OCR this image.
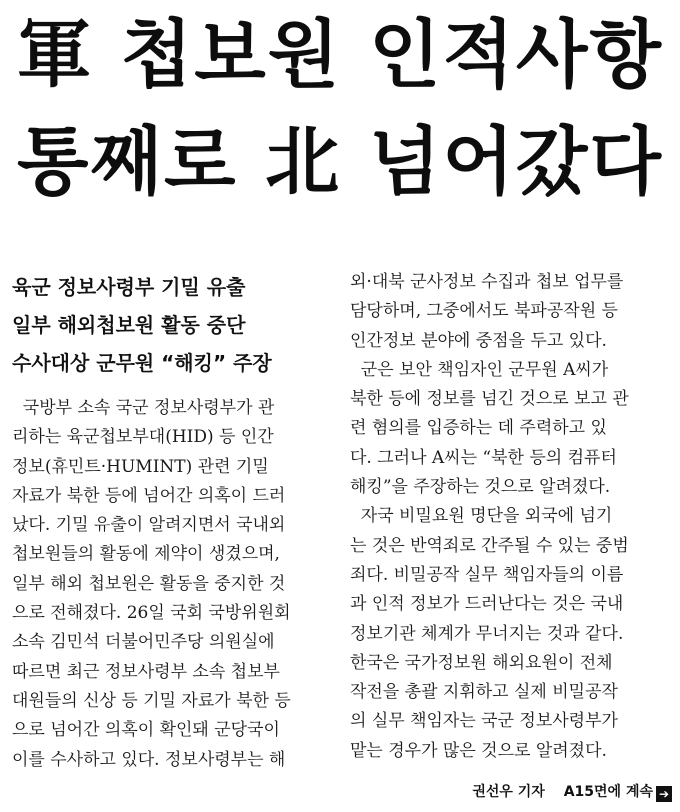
軍 첩보원 인적사항
통째로 北 넘어갔다
육군 정보사령부 기밀 유출
일부 해외첩보원 활동 중단
수사대상 군무원 “해킹” 주장
국방부 소속 국군 정보사령부가 관
리하는 육군첩보부대(HID) 등 인간
정보(휴민트·HUMINT) 관련 기밀
자료가 북한 등에 넘어간 의혹이 드러
났다. 기밀 유출이 알려지면서 국내외
첩보원들의 활동에 제약이 생겼으며,
일부 해외 첩보원은 활동을 중지한 것
으로 전해졌다. 26일 국회 국방위원회
소속 김민석 더불어민주당 의원실에
따르면 최근 정보사령부 소속 첩보부
대원들의 신상 등 기밀 자료가 북한 등
으로 넘어간 의혹이 확인돼 군당국이
이를 수사하고 있다. 정보사령부는 해
외·대북 군사정보 수집과 첩보 업무를
담당하며, 그중에서도 북파공작원 등
인간정보 분야에 중점을 두고 있다.
군은 보안 책임자인 군무원 A씨가
북한 등에 정보를 넘긴 것으로 보고 관
련 혐의를 입증하는 데 주력하고 있
다. 그러나 A씨는 “북한 등의 컴퓨터
해킹”을 주장하는 것으로 알려졌다.
자국 비밀요원 명단을 외국에 넘기
는 것은 반역죄로 간주될 수 있는 중범
죄다. 비밀공작 실무 책임자들의 이름
과 인적 정보가 드러난다는 것은 국내
정보기관 체계가 무너지는 것과 같다.
한국은 국가정보원 해외요원이 전체
작전을 총괄 지휘하고 실제 비밀공작
의 실무 책임자는 국군 정보사령부가
맡는 경우가 많은 것으로 알려졌다.
권선우 기자 A15면에 계속 ➔
